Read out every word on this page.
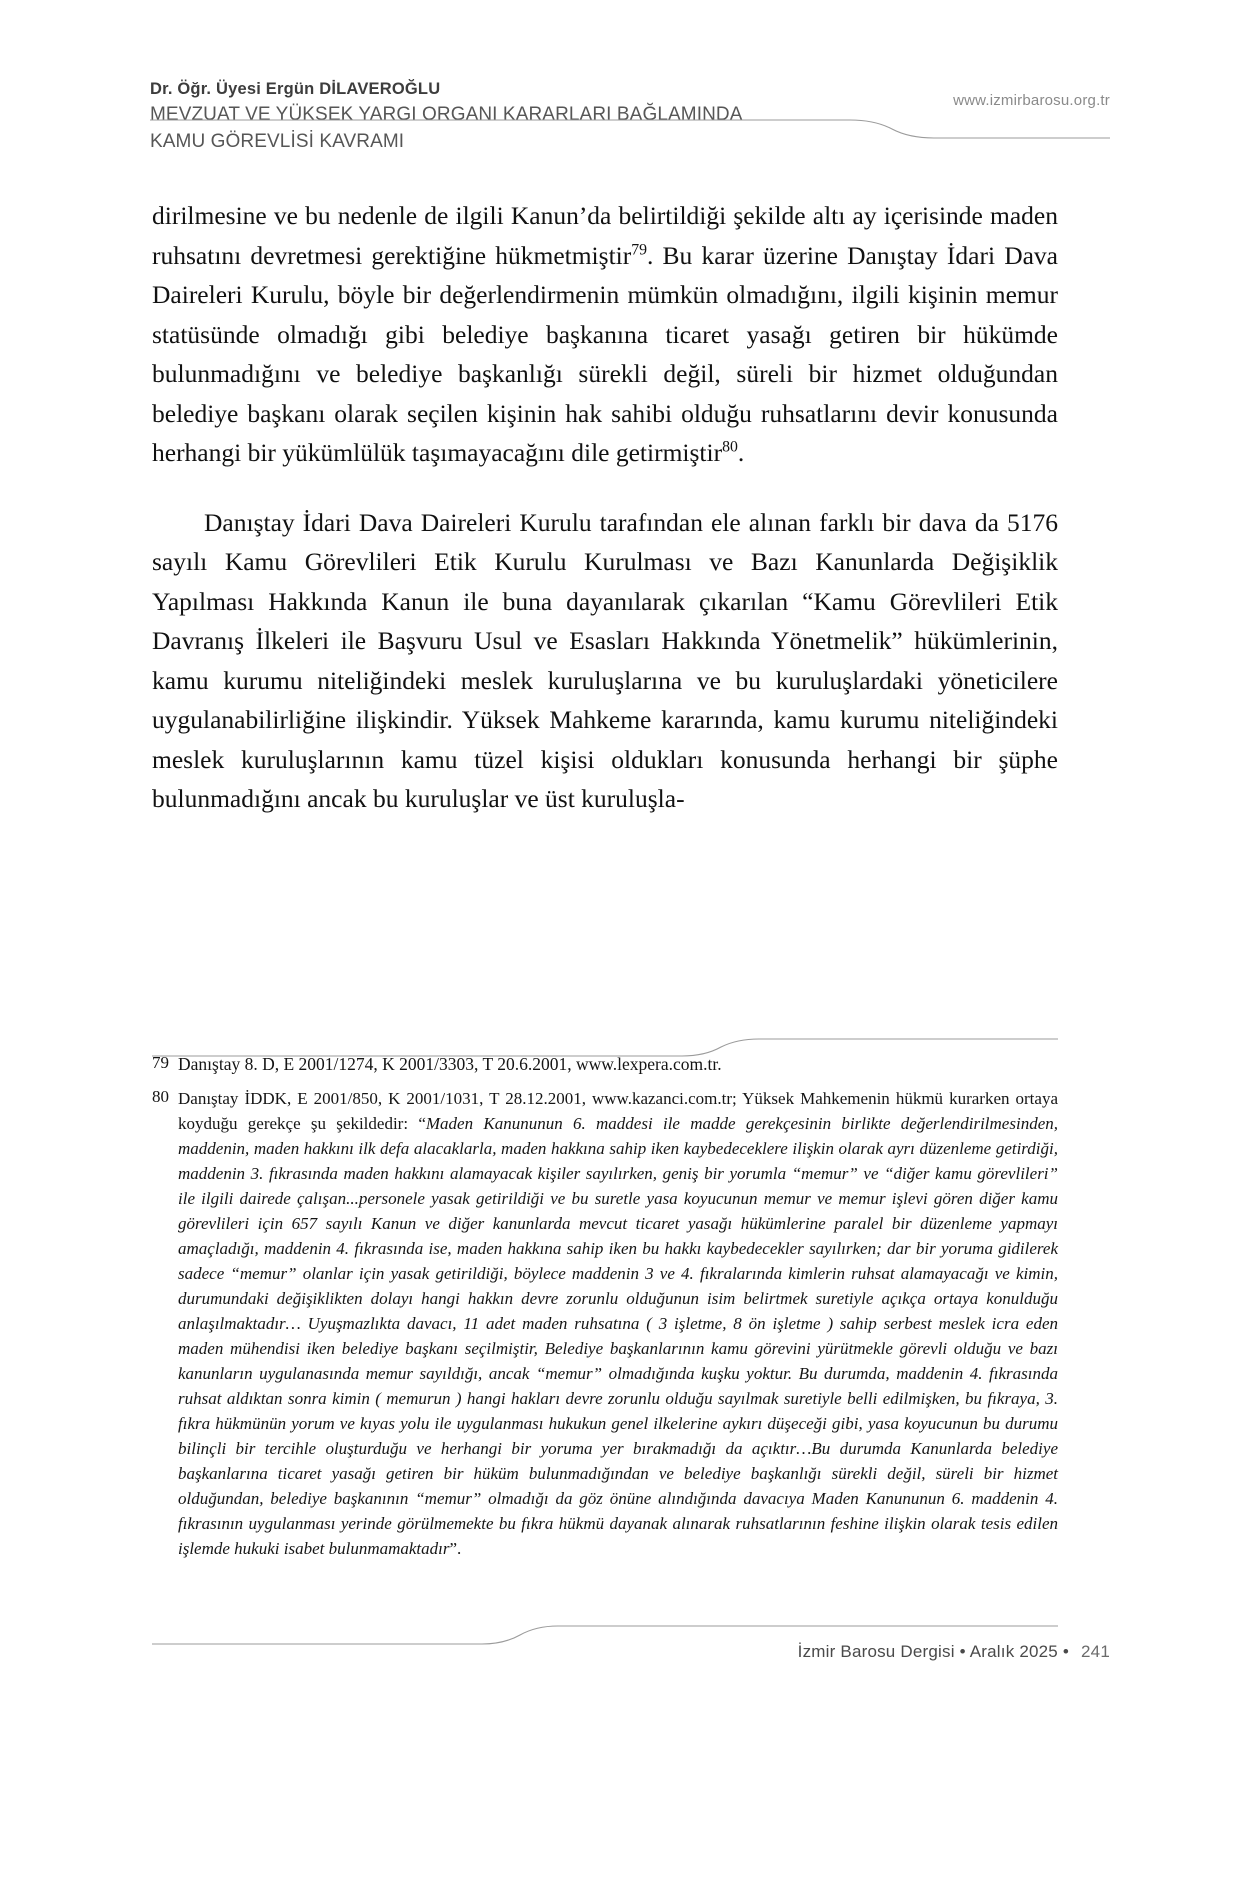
Dr. Öğr. Üyesi Ergün DİLAVEROĞLU
MEVZUAT VE YÜKSEK YARGI ORGANI KARARLARI BAĞLAMINDA
KAMU GÖREVLİSİ KAVRAMI
www.izmirbarosu.org.tr

dirilmesine ve bu nedenle de ilgili Kanun’da belirtildiği şekilde altı ay içerisinde maden ruhsatını devretmesi gerektiğine hükmetmiştir$^{79}$. Bu karar üzerine Danıştay İdari Dava Daireleri Kurulu, böyle bir değerlendirmenin mümkün olmadığını, ilgili kişinin memur statüsünde olmadığı gibi belediye başkanına ticaret yasağı getiren bir hükümde bulunmadığını ve belediye başkanlığı sürekli değil, süreli bir hizmet olduğundan belediye başkanı olarak seçilen kişinin hak sahibi olduğu ruhsatlarını devir konusunda herhangi bir yükümlülük taşımayacağını dile getirmiştir$^{80}$.

Danıştay İdari Dava Daireleri Kurulu tarafından ele alınan farklı bir dava da 5176 sayılı Kamu Görevlileri Etik Kurulu Kurulması ve Bazı Kanunlarda Değişiklik Yapılması Hakkında Kanun ile buna dayanılarak çıkarılan “Kamu Görevlileri Etik Davranış İlkeleri ile Başvuru Usul ve Esasları Hakkında Yönetmelik” hükümlerinin, kamu kurumu niteliğindeki meslek kuruluşlarına ve bu kuruluşlardaki yöneticilere uygulanabilirliğine ilişkindir. Yüksek Mahkeme kararında, kamu kurumu niteliğindeki meslek kuruluşlarının kamu tüzel kişisi oldukları konusunda herhangi bir şüphe bulunmadığını ancak bu kuruluşlar ve üst kuruluşla-

79 Danıştay 8. D, E 2001/1274, K 2001/3303, T 20.6.2001, www.lexpera.com.tr.
80 Danıştay İDDK, E 2001/850, K 2001/1031, T 28.12.2001, www.kazanci.com.tr; Yüksek Mahkemenin hükmü kurarken ortaya koyduğu gerekçe şu şekildedir: “Maden Kanununun 6. maddesi ile madde gerekçesinin birlikte değerlendirilmesinden, maddenin, maden hakkını ilk defa alacaklarla, maden hakkına sahip iken kaybedeceklere ilişkin olarak ayrı düzenleme getirdiği, maddenin 3. fıkrasında maden hakkını alamayacak kişiler sayılırken, geniş bir yorumla “memur” ve “diğer kamu görevlileri” ile ilgili dairede çalışan...personele yasak getirildiği ve bu suretle yasa koyucunun memur ve memur işlevi gören diğer kamu görevlileri için 657 sayılı Kanun ve diğer kanunlarda mevcut ticaret yasağı hükümlerine paralel bir düzenleme yapmayı amaçladığı, maddenin 4. fıkrasında ise, maden hakkına sahip iken bu hakkı kaybedecekler sayılırken; dar bir yoruma gidilerek sadece “memur” olanlar için yasak getirildiği, böylece maddenin 3 ve 4. fıkralarında kimlerin ruhsat alamayacağı ve kimin, durumundaki değişiklikten dolayı hangi hakkın devre zorunlu olduğunun isim belirtmek suretiyle açıkça ortaya konulduğu anlaşılmaktadır… Uyuşmazlıkta davacı, 11 adet maden ruhsatına ( 3 işletme, 8 ön işletme ) sahip serbest meslek icra eden maden mühendisi iken belediye başkanı seçilmiştir, Belediye başkanlarının kamu görevini yürütmekle görevli olduğu ve bazı kanunların uygulanasında memur sayıldığı, ancak “memur” olmadığında kuşku yoktur. Bu durumda, maddenin 4. fıkrasında ruhsat aldıktan sonra kimin ( memurun ) hangi hakları devre zorunlu olduğu sayılmak suretiyle belli edilmişken, bu fıkraya, 3. fıkra hükmünün yorum ve kıyas yolu ile uygulanması hukukun genel ilkelerine aykırı düşeceği gibi, yasa koyucunun bu durumu bilinçli bir tercihle oluşturduğu ve herhangi bir yoruma yer bırakmadığı da açıktır…Bu durumda Kanunlarda belediye başkanlarına ticaret yasağı getiren bir hüküm bulunmadığından ve belediye başkanlığı sürekli değil, süreli bir hizmet olduğundan, belediye başkanının “memur” olmadığı da göz önüne alındığında davacıya Maden Kanununun 6. maddenin 4. fıkrasının uygulanması yerinde görülmemekte bu fıkra hükmü dayanak alınarak ruhsatlarının feshine ilişkin olarak tesis edilen işlemde hukuki isabet bulunmamaktadır”.
İzmir Barosu Dergisi • Aralık 2025 • 241
